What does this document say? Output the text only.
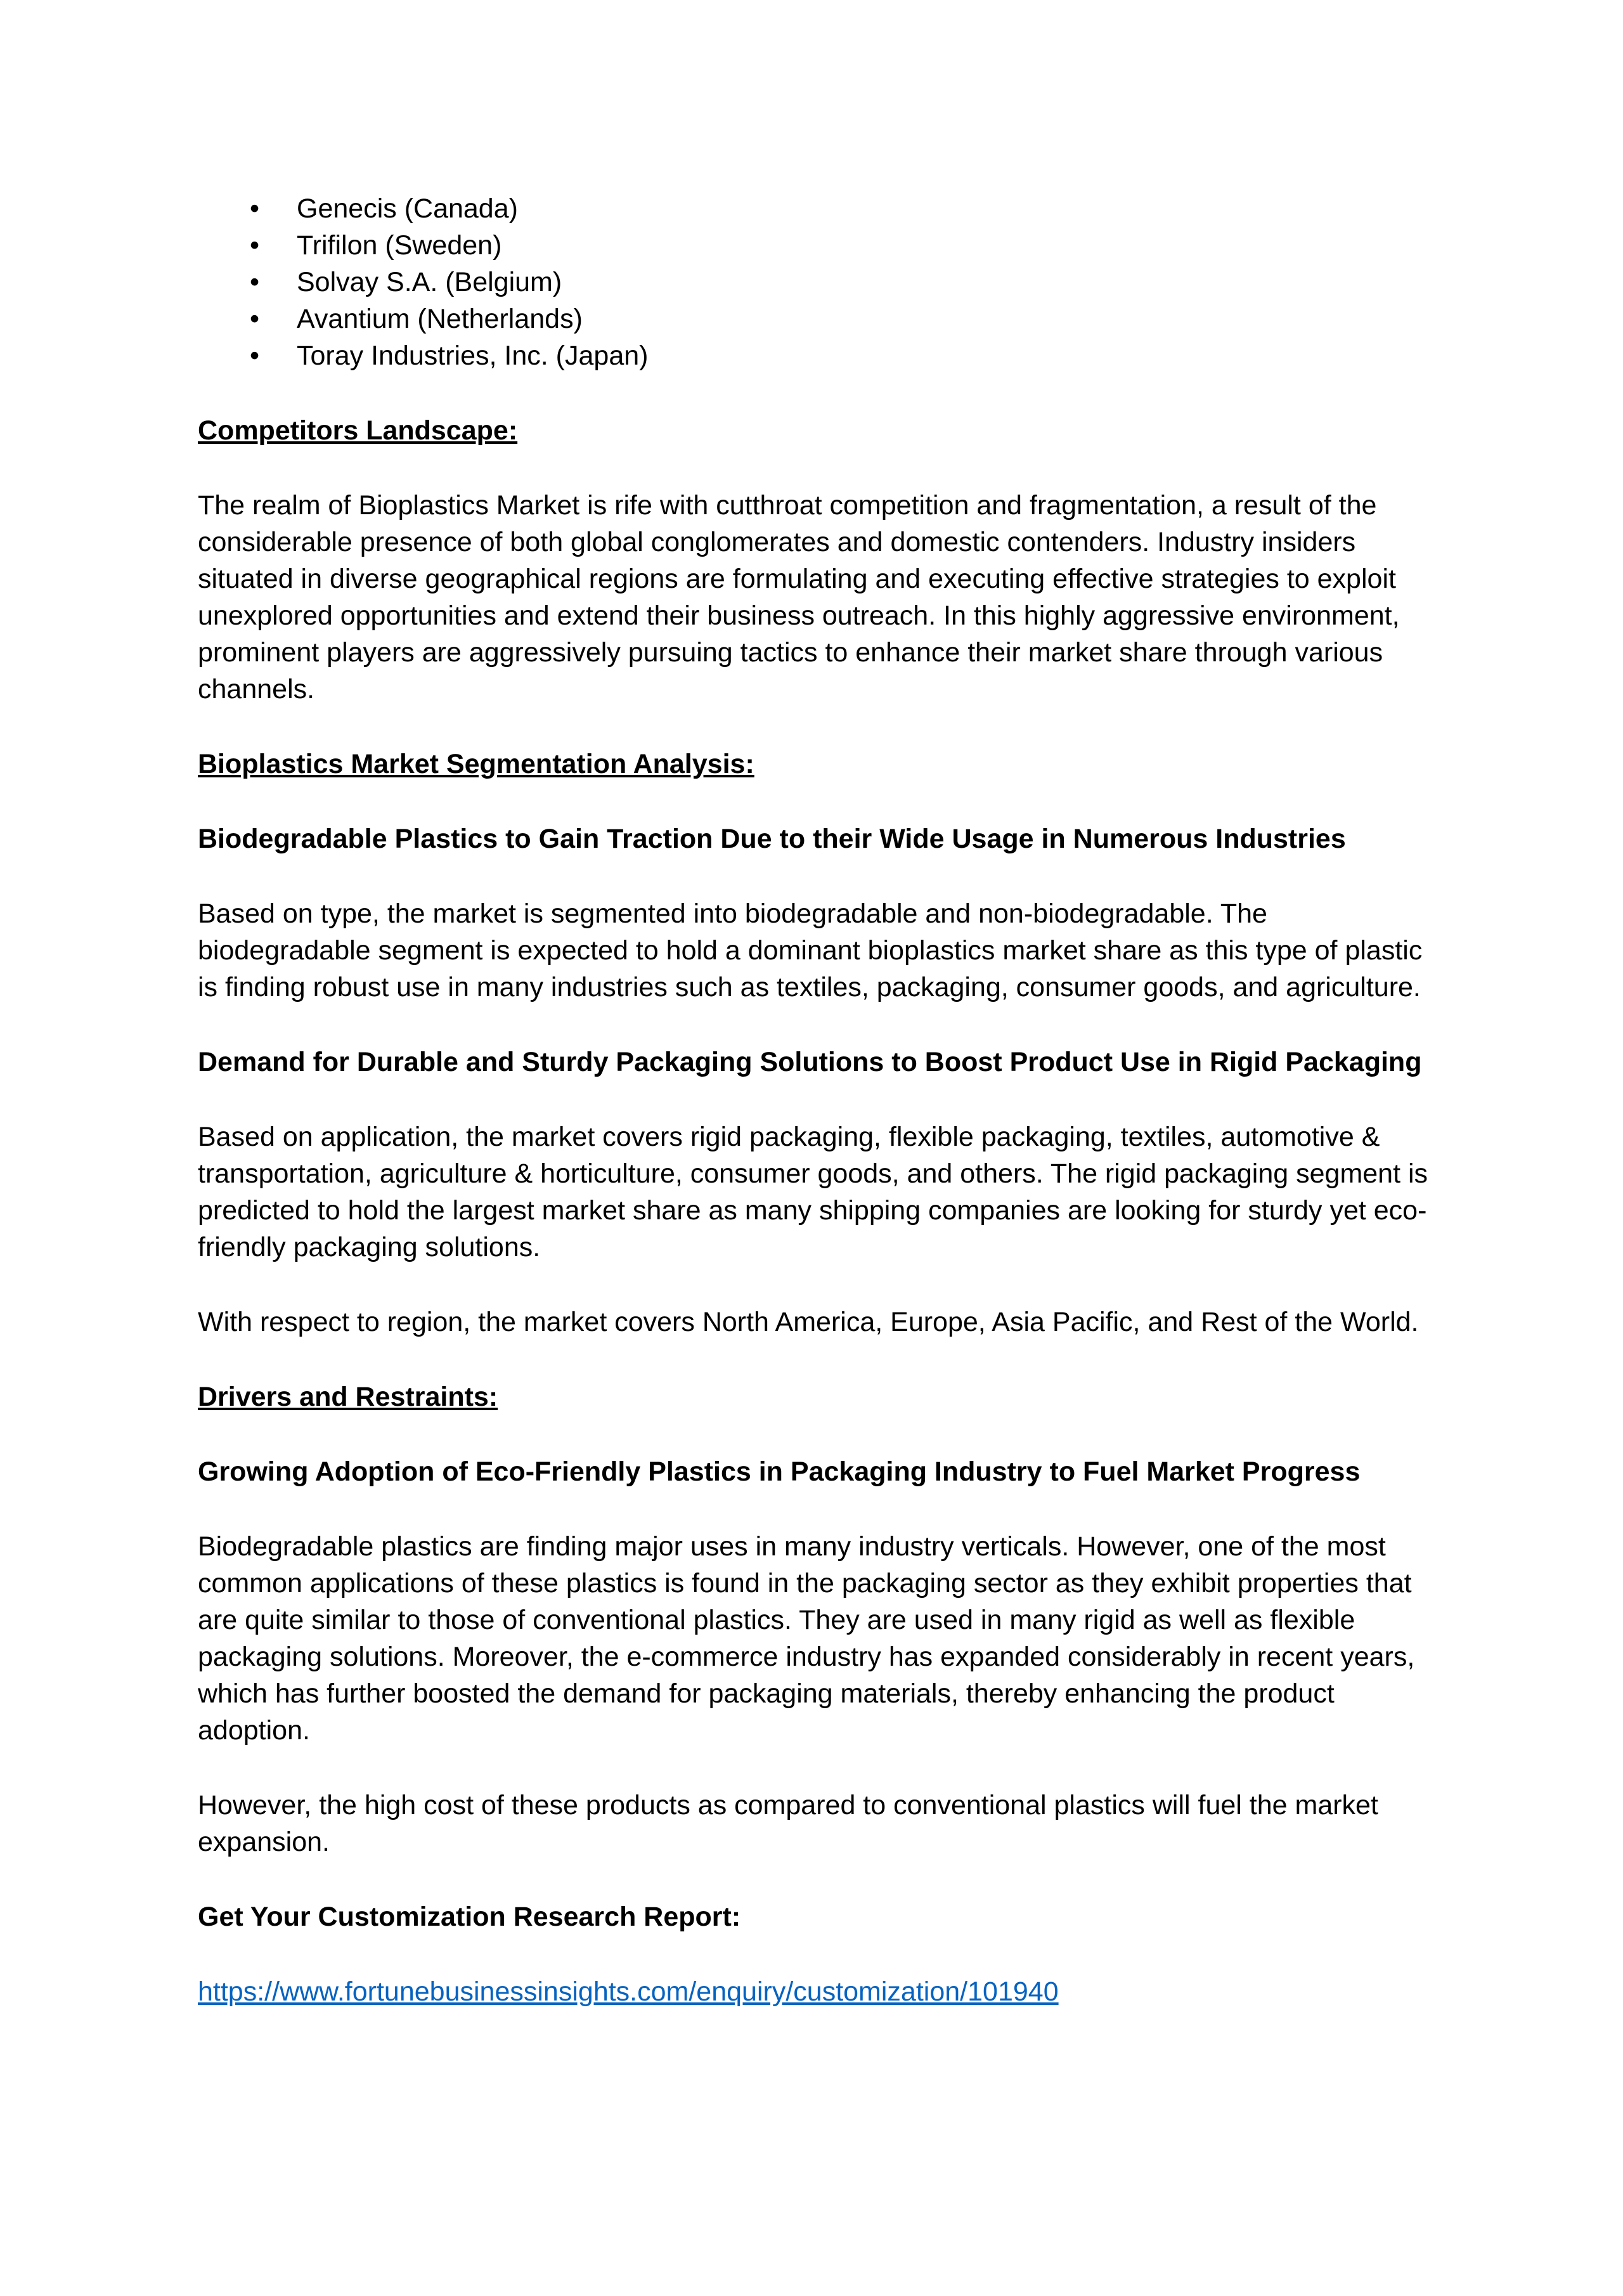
• Genecis (Canada)
• Trifilon (Sweden)
• Solvay S.A. (Belgium)
• Avantium (Netherlands)
• Toray Industries, Inc. (Japan)

Competitors Landscape:

The realm of Bioplastics Market is rife with cutthroat competition and fragmentation, a result of the considerable presence of both global conglomerates and domestic contenders. Industry insiders situated in diverse geographical regions are formulating and executing effective strategies to exploit unexplored opportunities and extend their business outreach. In this highly aggressive environment, prominent players are aggressively pursuing tactics to enhance their market share through various channels.

Bioplastics Market Segmentation Analysis:

Biodegradable Plastics to Gain Traction Due to their Wide Usage in Numerous Industries

Based on type, the market is segmented into biodegradable and non-biodegradable. The biodegradable segment is expected to hold a dominant bioplastics market share as this type of plastic is finding robust use in many industries such as textiles, packaging, consumer goods, and agriculture.

Demand for Durable and Sturdy Packaging Solutions to Boost Product Use in Rigid Packaging

Based on application, the market covers rigid packaging, flexible packaging, textiles, automotive & transportation, agriculture & horticulture, consumer goods, and others. The rigid packaging segment is predicted to hold the largest market share as many shipping companies are looking for sturdy yet eco-friendly packaging solutions.

With respect to region, the market covers North America, Europe, Asia Pacific, and Rest of the World.

Drivers and Restraints:

Growing Adoption of Eco-Friendly Plastics in Packaging Industry to Fuel Market Progress

Biodegradable plastics are finding major uses in many industry verticals. However, one of the most common applications of these plastics is found in the packaging sector as they exhibit properties that are quite similar to those of conventional plastics. They are used in many rigid as well as flexible packaging solutions. Moreover, the e-commerce industry has expanded considerably in recent years, which has further boosted the demand for packaging materials, thereby enhancing the product adoption.

However, the high cost of these products as compared to conventional plastics will fuel the market expansion.

Get Your Customization Research Report:

https://www.fortunebusinessinsights.com/enquiry/customization/101940
